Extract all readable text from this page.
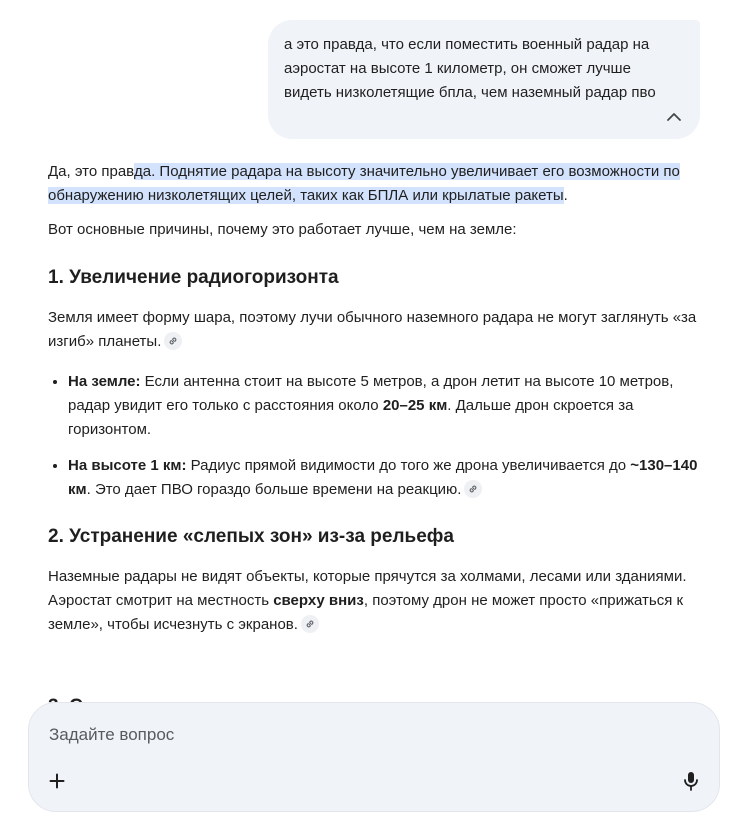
а это правда, что если поместить военный радар на аэростат на высоте 1 километр, он сможет лучше видеть низколетящие бпла, чем наземный радар пво

Да, это правда. Поднятие радара на высоту значительно увеличивает его возможности по обнаружению низколетящих целей, таких как БПЛА или крылатые ракеты.

Вот основные причины, почему это работает лучше, чем на земле:

1. Увеличение радиогоризонта

Земля имеет форму шара, поэтому лучи обычного наземного радара не могут заглянуть «за изгиб» планеты.

• На земле: Если антенна стоит на высоте 5 метров, а дрон летит на высоте 10 метров, радар увидит его только с расстояния около 20–25 км. Дальше дрон скроется за горизонтом.
• На высоте 1 км: Радиус прямой видимости до того же дрона увеличивается до ~130–140 км. Это дает ПВО гораздо больше времени на реакцию.
2. Устранение «слепых зон» из-за рельефа

Наземные радары не видят объекты, которые прячутся за холмами, лесами или зданиями. Аэростат смотрит на местность сверху вниз, поэтому дрон не может просто «прижаться к земле», чтобы исчезнуть с экранов.

Задайте вопрос
